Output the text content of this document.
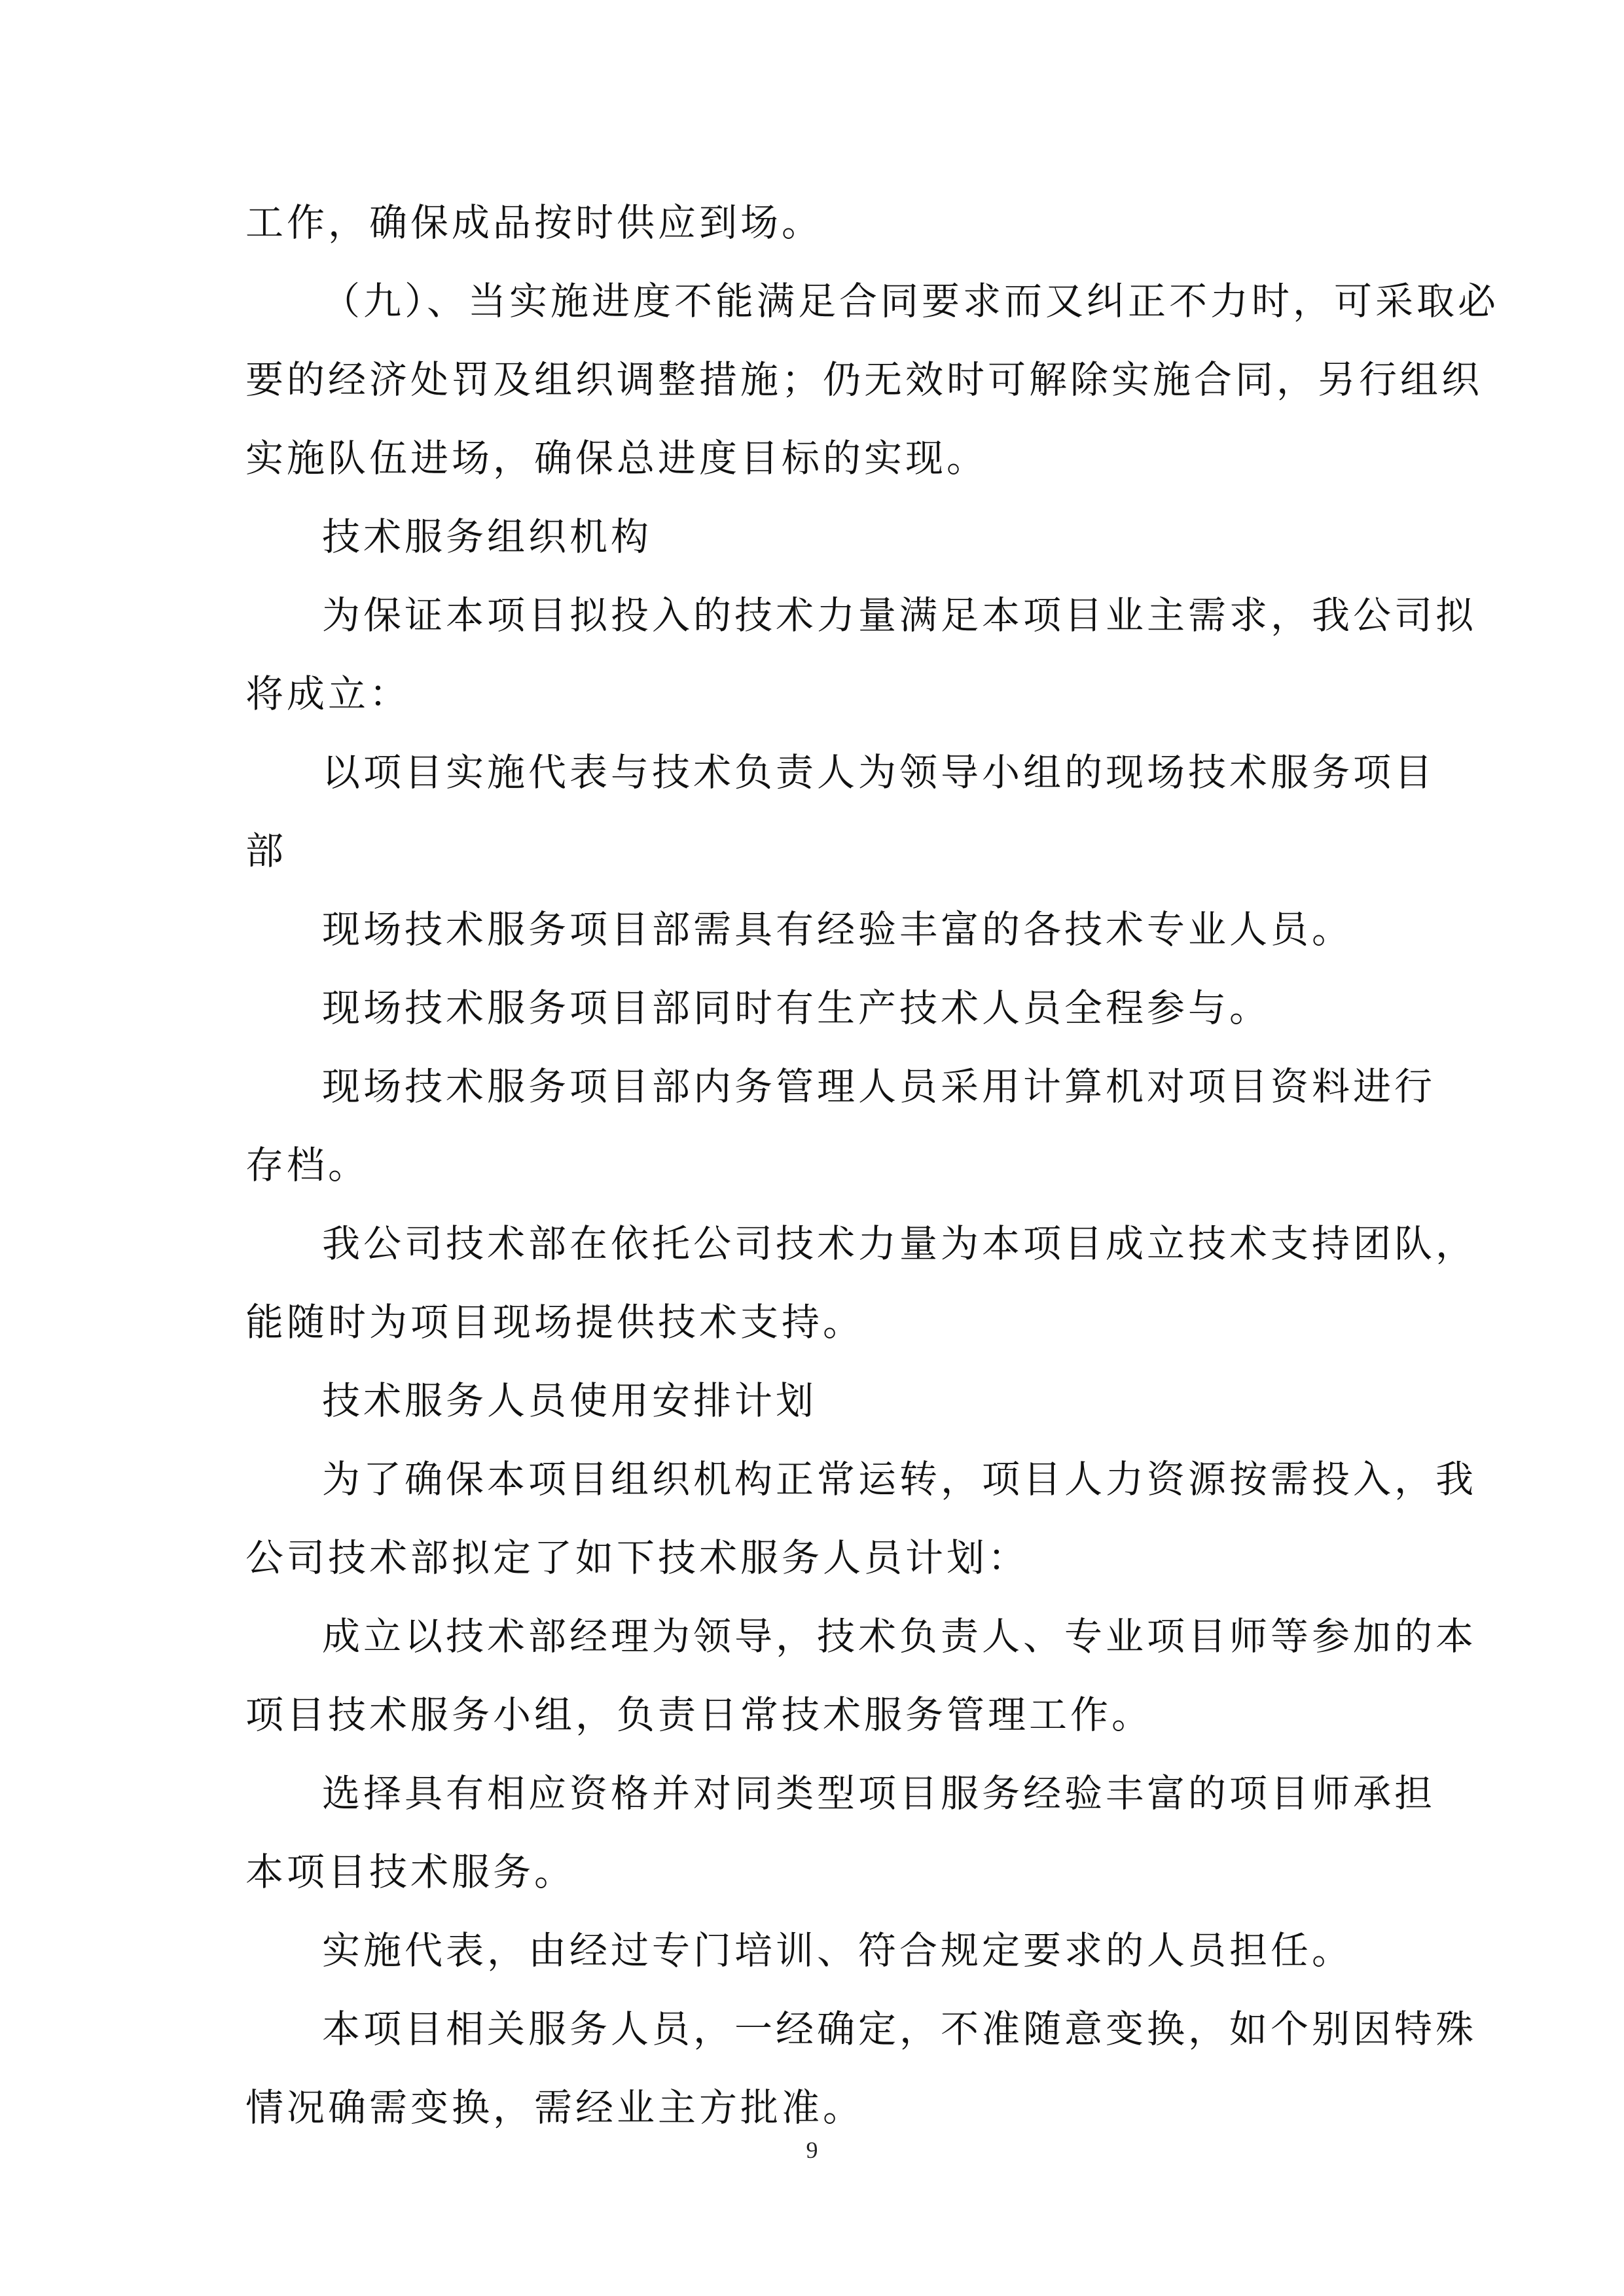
工作，确保成品按时供应到场。
（九）、当实施进度不能满足合同要求而又纠正不力时，可采取必
要的经济处罚及组织调整措施；仍无效时可解除实施合同，另行组织
实施队伍进场，确保总进度目标的实现。
技术服务组织机构
为保证本项目拟投入的技术力量满足本项目业主需求，我公司拟
将成立：
以项目实施代表与技术负责人为领导小组的现场技术服务项目
部
现场技术服务项目部需具有经验丰富的各技术专业人员。
现场技术服务项目部同时有生产技术人员全程参与。
现场技术服务项目部内务管理人员采用计算机对项目资料进行
存档。
我公司技术部在依托公司技术力量为本项目成立技术支持团队，
能随时为项目现场提供技术支持。
技术服务人员使用安排计划
为了确保本项目组织机构正常运转，项目人力资源按需投入，我
公司技术部拟定了如下技术服务人员计划：
成立以技术部经理为领导，技术负责人、专业项目师等参加的本
项目技术服务小组，负责日常技术服务管理工作。
选择具有相应资格并对同类型项目服务经验丰富的项目师承担
本项目技术服务。
实施代表，由经过专门培训、符合规定要求的人员担任。
本项目相关服务人员，一经确定，不准随意变换，如个别因特殊
情况确需变换，需经业主方批准。
9
